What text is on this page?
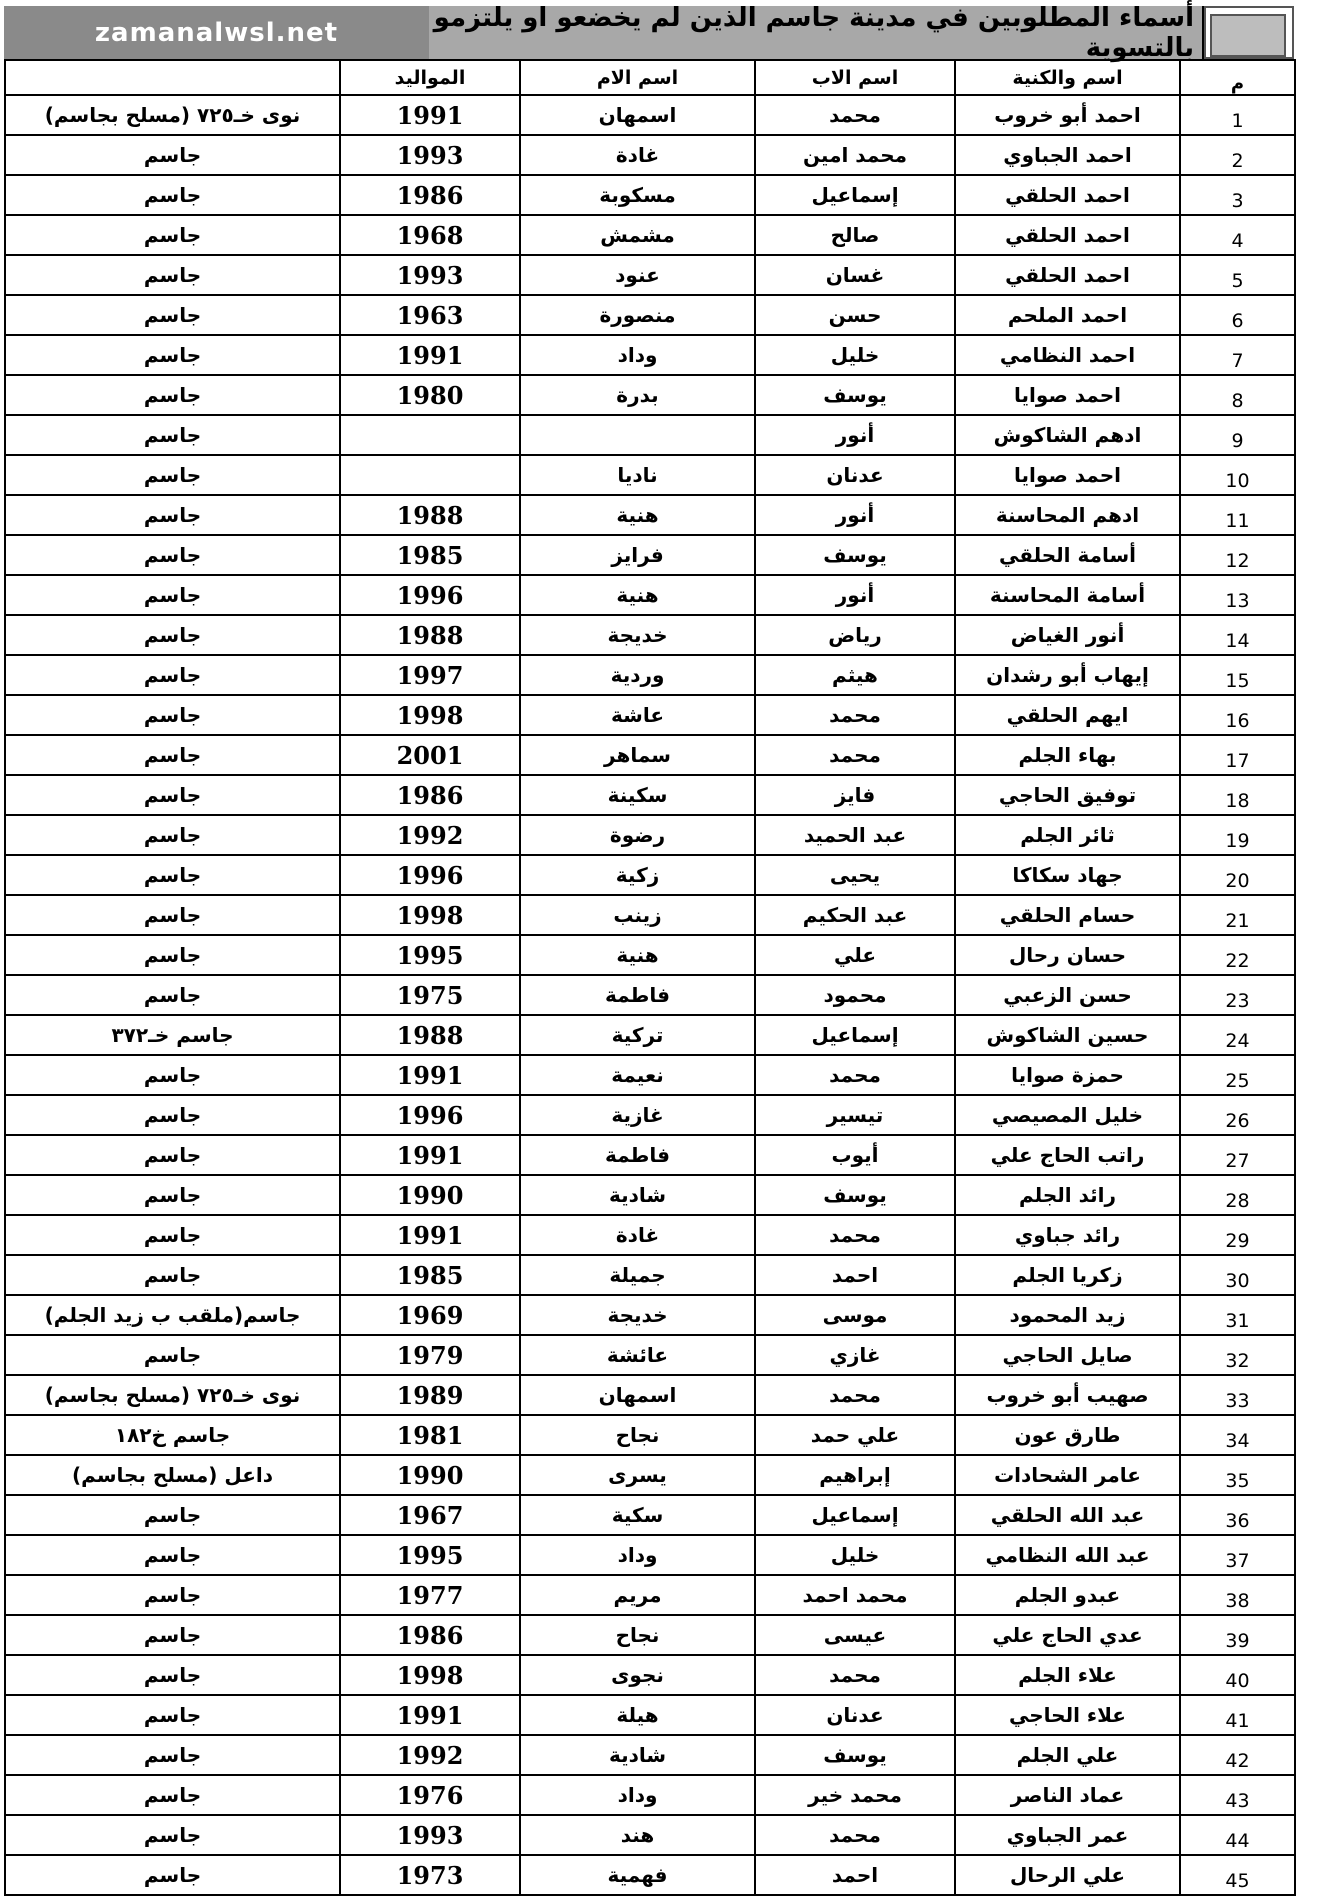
zamanalwsl.net	أسماء المطلوبين في مدينة جاسم الذين لم يخضعو او يلتزمو بالتسوية
م	اسم والكنية	اسم الاب	اسم الام	المواليد	
1	احمد أبو خروب	محمد	اسمهان	1991	نوى خـ٧٢٥ (مسلح بجاسم)
2	احمد الجباوي	محمد امين	غادة	1993	جاسم
3	احمد الحلقي	إسماعيل	مسكوبة	1986	جاسم
4	احمد الحلقي	صالح	مشمش	1968	جاسم
5	احمد الحلقي	غسان	عنود	1993	جاسم
6	احمد الملحم	حسن	منصورة	1963	جاسم
7	احمد النظامي	خليل	وداد	1991	جاسم
8	احمد صوايا	يوسف	بدرة	1980	جاسم
9	ادهم الشاكوش	أنور			جاسم
10	احمد صوايا	عدنان	ناديا		جاسم
11	ادهم المحاسنة	أنور	هنية	1988	جاسم
12	أسامة الحلقي	يوسف	فرايز	1985	جاسم
13	أسامة المحاسنة	أنور	هنية	1996	جاسم
14	أنور الغياض	رياض	خديجة	1988	جاسم
15	إيهاب أبو رشدان	هيثم	وردية	1997	جاسم
16	ايهم الحلقي	محمد	عاشة	1998	جاسم
17	بهاء الجلم	محمد	سماهر	2001	جاسم
18	توفيق الحاجي	فايز	سكينة	1986	جاسم
19	ثائر الجلم	عبد الحميد	رضوة	1992	جاسم
20	جهاد سكاكا	يحيى	زكية	1996	جاسم
21	حسام الحلقي	عبد الحكيم	زينب	1998	جاسم
22	حسان رحال	علي	هنية	1995	جاسم
23	حسن الزعبي	محمود	فاطمة	1975	جاسم
24	حسين الشاكوش	إسماعيل	تركية	1988	جاسم خـ٣٧٢
25	حمزة صوايا	محمد	نعيمة	1991	جاسم
26	خليل المصيصي	تيسير	غازية	1996	جاسم
27	راتب الحاج علي	أيوب	فاطمة	1991	جاسم
28	رائد الجلم	يوسف	شادية	1990	جاسم
29	رائد جباوي	محمد	غادة	1991	جاسم
30	زكريا الجلم	احمد	جميلة	1985	جاسم
31	زيد المحمود	موسى	خديجة	1969	جاسم(ملقب ب زيد الجلم)
32	صايل الحاجي	غازي	عائشة	1979	جاسم
33	صهيب أبو خروب	محمد	اسمهان	1989	نوى خـ٧٢٥ (مسلح بجاسم)
34	طارق عون	علي حمد	نجاح	1981	جاسم خ١٨٢
35	عامر الشحادات	إبراهيم	يسرى	1990	داعل (مسلح بجاسم)
36	عبد الله الحلقي	إسماعيل	سكية	1967	جاسم
37	عبد الله النظامي	خليل	وداد	1995	جاسم
38	عبدو الجلم	محمد احمد	مريم	1977	جاسم
39	عدي الحاج علي	عيسى	نجاح	1986	جاسم
40	علاء الجلم	محمد	نجوى	1998	جاسم
41	علاء الحاجي	عدنان	هيلة	1991	جاسم
42	علي الجلم	يوسف	شادية	1992	جاسم
43	عماد الناصر	محمد خير	وداد	1976	جاسم
44	عمر الجباوي	محمد	هند	1993	جاسم
45	علي الرحال	احمد	فهمية	1973	جاسم
